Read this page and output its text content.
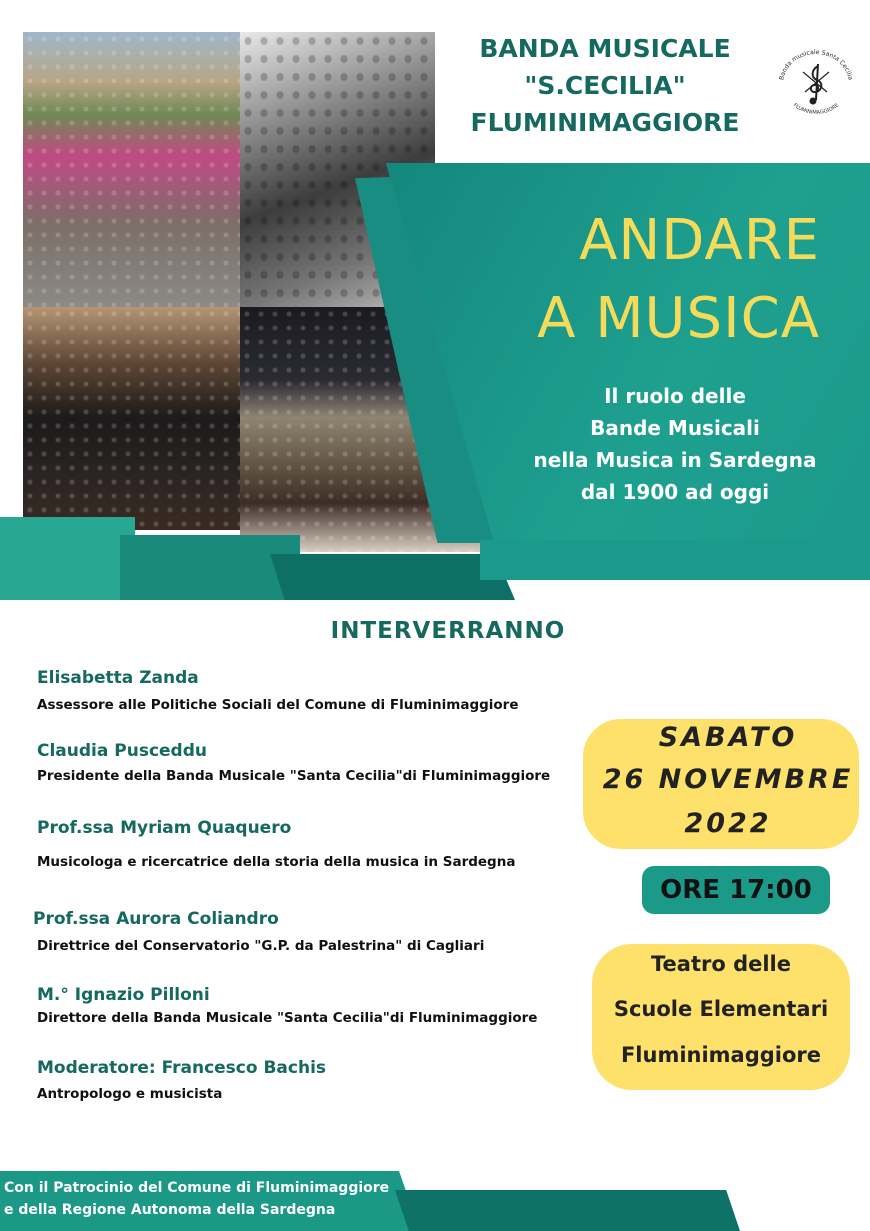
BANDA MUSICALE
"S.CECILIA"
FLUMINIMAGGIORE
Banda musicale Santa Cecilia
FLUMINIMAGGIORE
ANDARE
A MUSICA
Il ruolo delle
Bande Musicali
nella Musica in Sardegna
dal 1900 ad oggi
INTERVERRANNO
Elisabetta Zanda
Assessore alle Politiche Sociali del Comune di Fluminimaggiore
Claudia Pusceddu
Presidente della Banda Musicale "Santa Cecilia"di Fluminimaggiore
Prof.ssa Myriam Quaquero
Musicologa e ricercatrice della storia della musica in Sardegna
Prof.ssa Aurora Coliandro
Direttrice del Conservatorio "G.P. da Palestrina" di Cagliari
M.° Ignazio Pilloni
Direttore della Banda Musicale "Santa Cecilia"di Fluminimaggiore
Moderatore: Francesco Bachis
Antropologo e musicista
SABATO
26 NOVEMBRE
2022
ORE 17:00
Teatro delle
Scuole Elementari
Fluminimaggiore
Con il Patrocinio del Comune di Fluminimaggiore
e della Regione Autonoma della Sardegna
